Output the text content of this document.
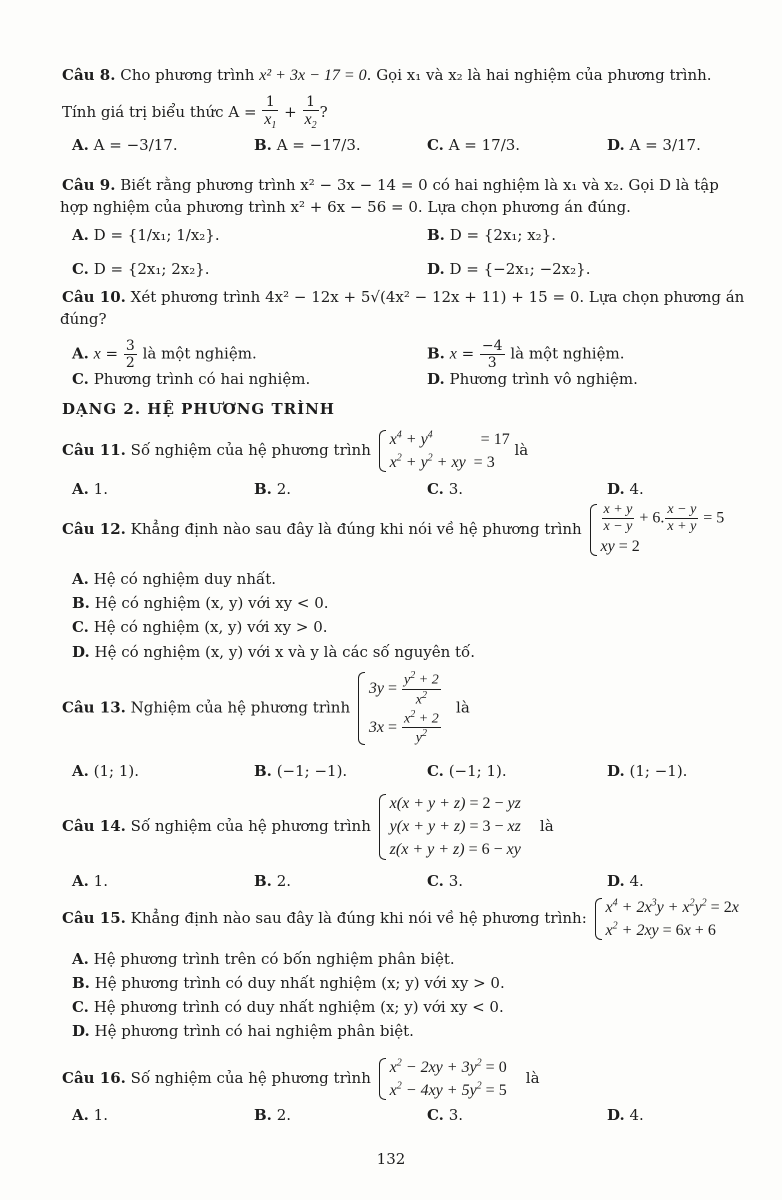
Câu 8. Cho phương trình x² + 3x − 17 = 0. Gọi x₁ và x₂ là hai nghiệm của phương trình.
Tính giá trị biểu thức $A = \frac{1}{x_1} + \frac{1}{x_2}$ ?
A. A = −3/17.	B. A = −17/3.	C. A = 17/3.	D. A = 3/17.
Câu 9. Biết rằng phương trình x² − 3x − 14 = 0 có hai nghiệm là x₁ và x₂. Gọi D là tập
hợp nghiệm của phương trình x² + 6x − 56 = 0. Lựa chọn phương án đúng.
A. D = {1/x₁; 1/x₂}.	B. D = {2x₁; x₂}.
C. D = {2x₁; 2x₂}.	D. D = {−2x₁; −2x₂}.
Câu 10. Xét phương trình 4x² − 12x + 5√(4x² − 12x + 11) + 15 = 0. Lựa chọn phương án
đúng?
A. $x = \frac{3}{2}$ là một nghiệm.	B. $x = \frac{-4}{3}$ là một nghiệm.
C. Phương trình có hai nghiệm.	D. Phương trình vô nghiệm.
DẠNG 2. HỆ PHƯƠNG TRÌNH
Câu 11. Số nghiệm của hệ phương trình
$x^4 + y^4$	= 17
$x^2 + y^2$ + xy  = 3
là
A. 1.	B. 2.	C. 3.	D. 4.
Câu 12. Khẳng định nào sau đây là đúng khi nói về hệ phương trình $\frac{x + y}{x - y} + 6$. $\frac{x - y}{x + y} = 5$
xy = 2
A. Hệ có nghiệm duy nhất.
B. Hệ có nghiệm (x, y) với xy < 0.
C. Hệ có nghiệm (x, y) với xy > 0.
D. Hệ có nghiệm (x, y) với x và y là các số nguyên tố.
Câu 13. Nghiệm của hệ phương trình
$3y = \frac{y^2 + 2}{x^2}$
$3x = \frac{x^2 + 2}{y^2}$
là
A. (1; 1).	B. (−1; −1).	C. (−1; 1).	D. (1; −1).
Câu 14. Số nghiệm của hệ phương trình
x(x + y + z) = 2 − yz
y(x + y + z) = 3 − xz
z(x + y + z) = 6 − xy
là
A. 1.	B. 2.	C. 3.	D. 4.
Câu 15. Khẳng định nào sau đây là đúng khi nói về hệ phương trình:
$x^4 + 2x^3y + x^2y^2 = 2x$
$x^2 + 2xy = 6x + 6$
A. Hệ phương trình trên có bốn nghiệm phân biệt.
B. Hệ phương trình có duy nhất nghiệm (x; y) với xy > 0.
C. Hệ phương trình có duy nhất nghiệm (x; y) với xy < 0.
D. Hệ phương trình có hai nghiệm phân biệt.
Câu 16. Số nghiệm của hệ phương trình
$x^2 - 2xy + 3y^2 = 0$
$x^2 - 4xy + 5y^2 = 5$
là
A. 1.	B. 2.	C. 3.	D. 4.
132
